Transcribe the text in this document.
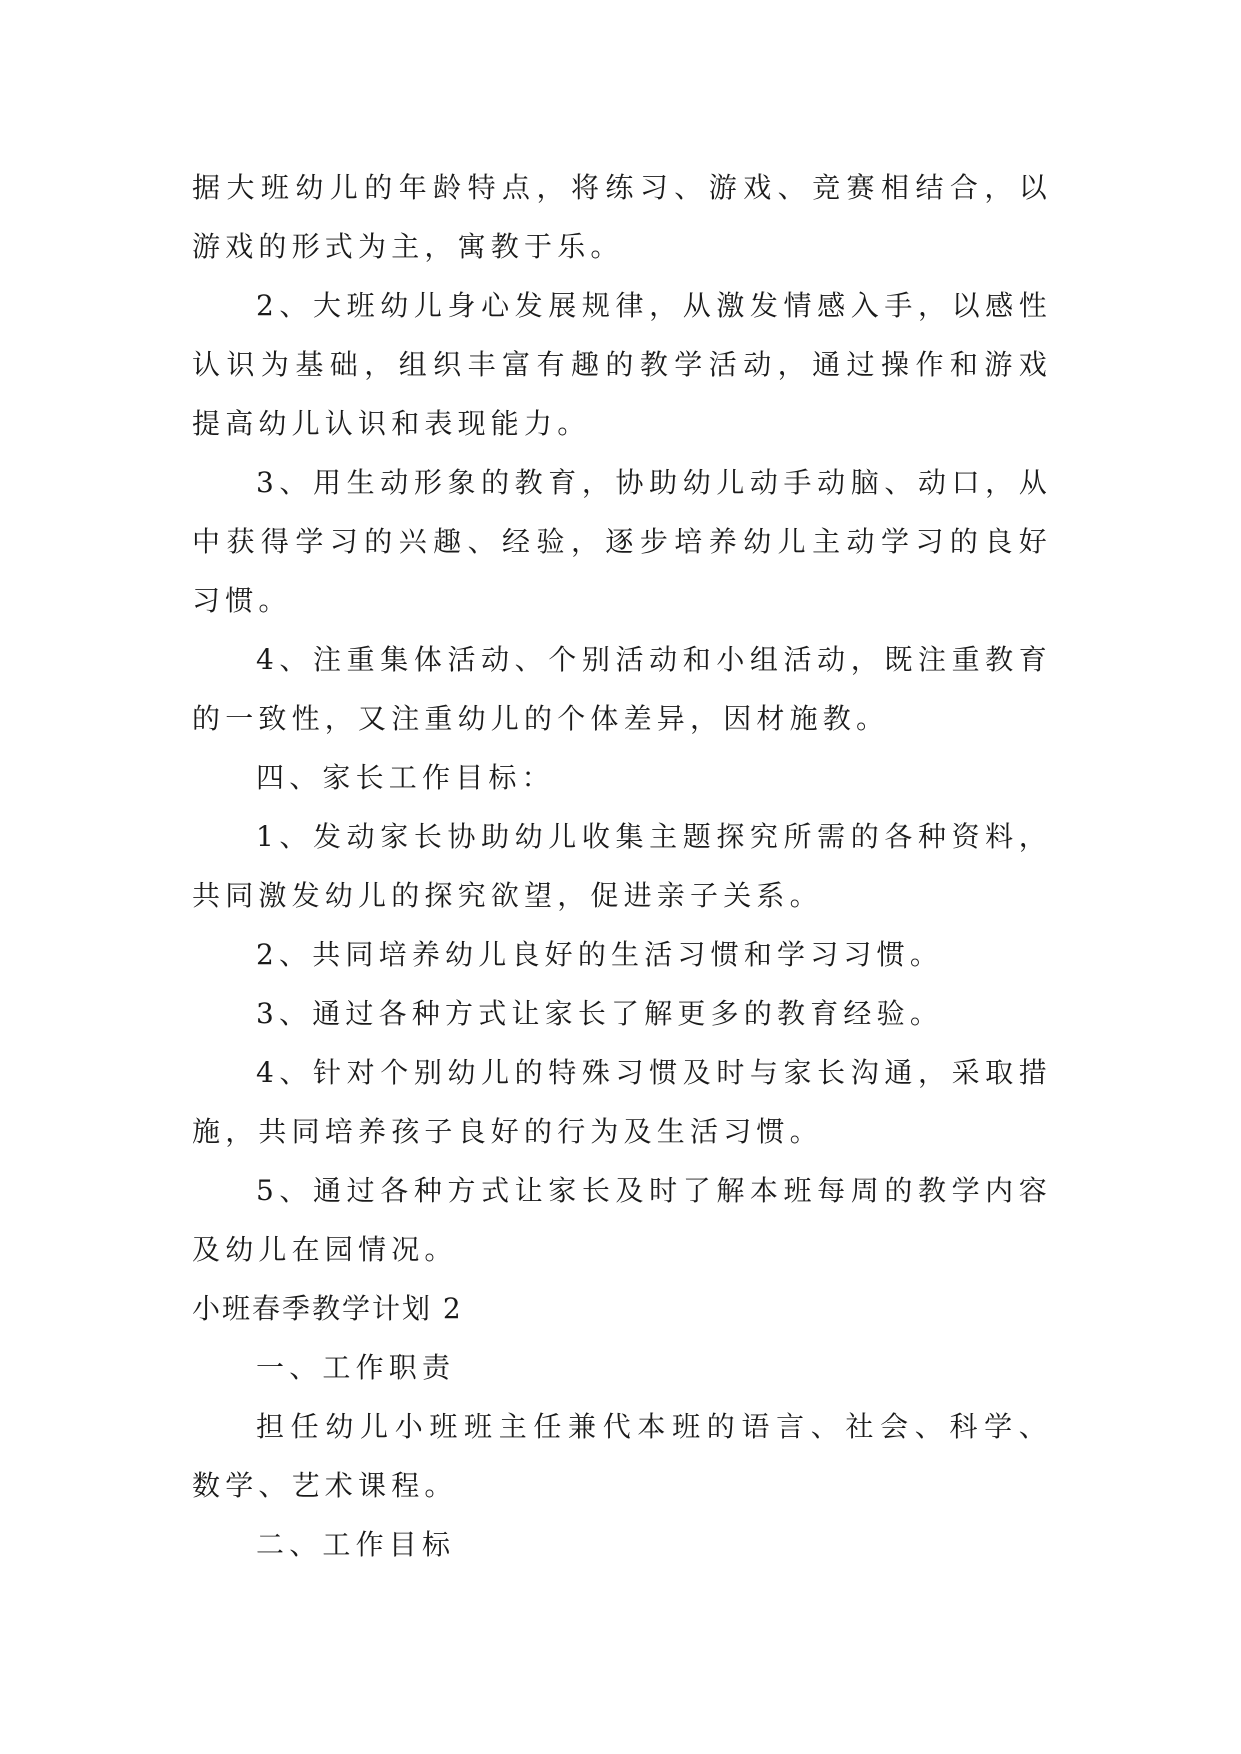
据大班幼儿的年龄特点，将练习、游戏、竞赛相结合，以游戏的形式为主，寓教于乐。

2、大班幼儿身心发展规律，从激发情感入手，以感性认识为基础，组织丰富有趣的教学活动，通过操作和游戏提高幼儿认识和表现能力。

3、用生动形象的教育，协助幼儿动手动脑、动口，从中获得学习的兴趣、经验，逐步培养幼儿主动学习的良好习惯。

4、注重集体活动、个别活动和小组活动，既注重教育的一致性，又注重幼儿的个体差异，因材施教。

四、家长工作目标：

1、发动家长协助幼儿收集主题探究所需的各种资料，共同激发幼儿的探究欲望，促进亲子关系。

2、共同培养幼儿良好的生活习惯和学习习惯。

3、通过各种方式让家长了解更多的教育经验。

4、针对个别幼儿的特殊习惯及时与家长沟通，采取措施，共同培养孩子良好的行为及生活习惯。

5、通过各种方式让家长及时了解本班每周的教学内容及幼儿在园情况。

小班春季教学计划 2

一、工作职责

担任幼儿小班班主任兼代本班的语言、社会、科学、数学、艺术课程。

二、工作目标
